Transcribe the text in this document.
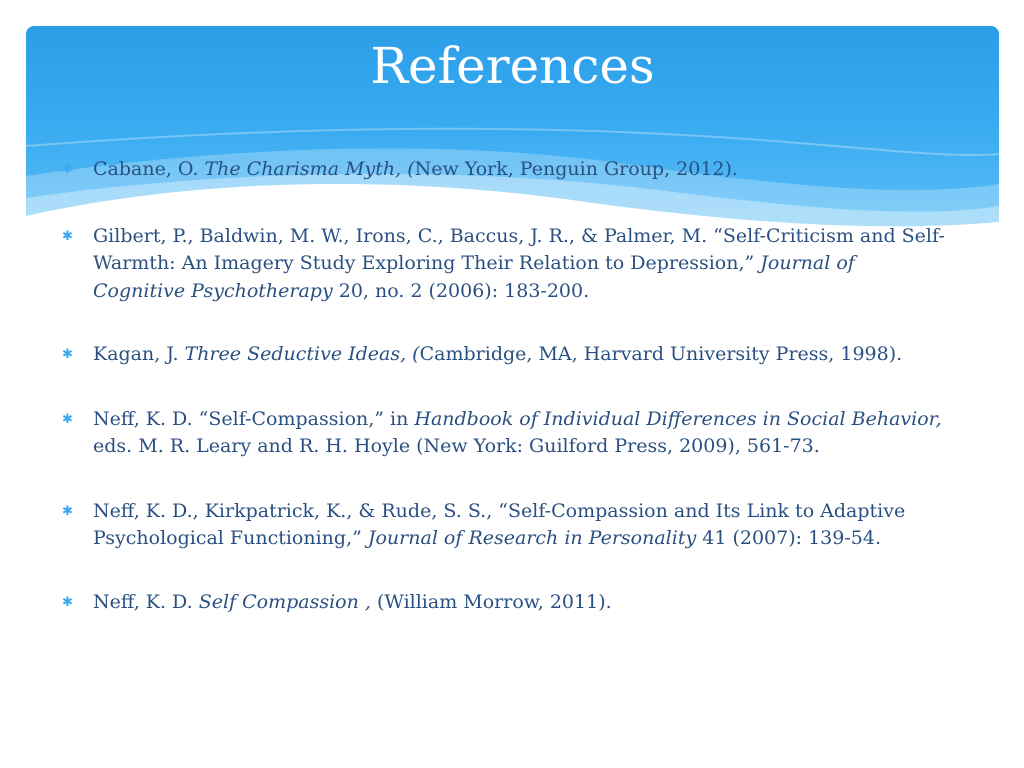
References
✱ Cabane, O. The Charisma Myth, (New York, Penguin Group, 2012).
✱ Gilbert, P., Baldwin, M. W., Irons, C., Baccus, J. R., & Palmer, M. “Self-Criticism and Self-Warmth: An Imagery Study Exploring Their Relation to Depression,” Journal of Cognitive Psychotherapy 20, no. 2 (2006): 183-200.
✱ Kagan, J. Three Seductive Ideas, (Cambridge, MA, Harvard University Press, 1998).
✱ Neff, K. D. “Self-Compassion,” in Handbook of Individual Differences in Social Behavior, eds. M. R. Leary and R. H. Hoyle (New York: Guilford Press, 2009), 561-73.
✱ Neff, K. D., Kirkpatrick, K., & Rude, S. S., “Self-Compassion and Its Link to Adaptive Psychological Functioning,” Journal of Research in Personality 41 (2007): 139-54.
✱ Neff, K. D. Self Compassion , (William Morrow, 2011).
